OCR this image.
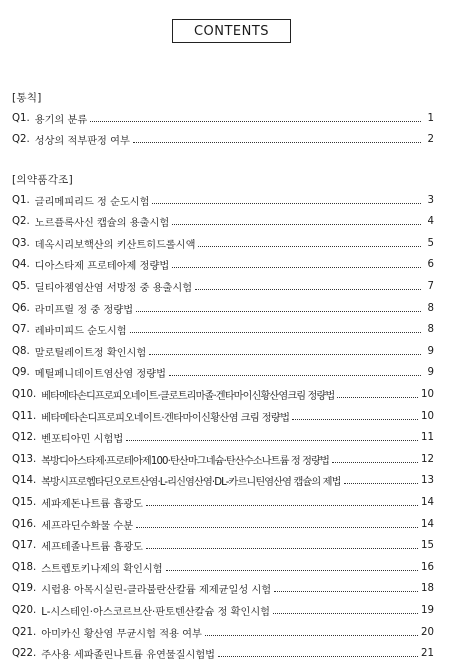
CONTENTS
[통칙]
Q1. 용기의 분류	1
Q2. 성상의 적부판정 여부	2
[의약품각조]
Q1. 글리메피리드 정 순도시험	3
Q2. 노르플록사신 캡슐의 용출시험	4
Q3. 데옥시리보핵산의 키산트히드롤시액	5
Q4. 디아스타제 프로테아제 정량법	6
Q5. 딜티아젬염산염 서방정 중 용출시험	7
Q6. 라미프릴 정 중 정량법	8
Q7. 레바미피드 순도시험	8
Q8. 말로틸레이트정 확인시험	9
Q9. 메틸페니데이트염산염 정량법	9
Q10. 베타메타손디프로피오네이트·클로트리마졸·겐타마이신황산염크림 정량법	10
Q11. 베타메타손디프로피오네이트·겐타마이신황산염 크림 정량법	10
Q12. 벤포티아민 시험법	11
Q13. 복방디아스타제·프로테아제100·탄산마그네슘·탄산수소나트륨 정 정량법	12
Q14. 복방시프로헵타딘오로트산염·L-리신염산염·DL-카르니틴염산염 캡슐의 제법	13
Q15. 세파제돈나트륨 흡광도	14
Q16. 세프라딘수화물 수분	14
Q17. 세프테졸나트륨 흡광도	15
Q18. 스트렙토키나제의 확인시험	16
Q19. 시럽용 아목시실린-클라불란산칼륨 제제균일성 시험	18
Q20. L-시스테인·아스코르브산·판토텐산칼슘 정 확인시험	19
Q21. 아미카신 황산염 무균시험 적용 여부	20
Q22. 주사용 세파졸린나트륨 유연물질시험법	21
